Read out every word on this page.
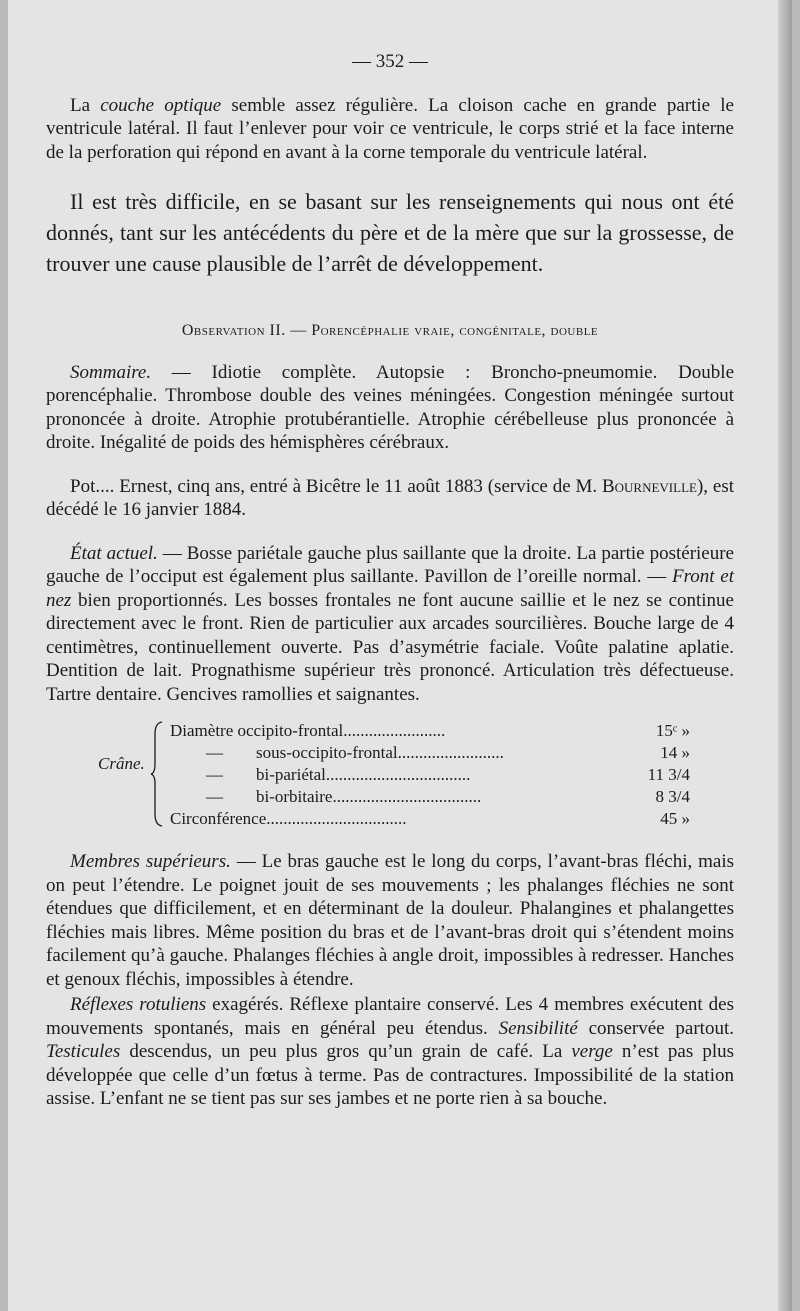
— 352 —

La couche optique semble assez régulière. La cloison cache en grande partie le ventricule latéral. Il faut l’enlever pour voir ce ventricule, le corps strié et la face interne de la perforation qui répond en avant à la corne temporale du ventricule latéral.

Il est très difficile, en se basant sur les renseignements qui nous ont été donnés, tant sur les antécédents du père et de la mère que sur la grossesse, de trouver une cause plausible de l’arrêt de développement.

Observation II. — Porencéphalie vraie, congénitale, double

Sommaire. — Idiotie complète. Autopsie : Broncho-pneumomie. Double porencéphalie. Thrombose double des veines méningées. Congestion méningée surtout prononcée à droite. Atrophie protubérantielle. Atrophie cérébelleuse plus prononcée à droite. Inégalité de poids des hémisphères cérébraux.

Pot.... Ernest, cinq ans, entré à Bicêtre le 11 août 1883 (service de M. Bourneville), est décédé le 16 janvier 1884.

État actuel. — Bosse pariétale gauche plus saillante que la droite. La partie postérieure gauche de l’occiput est également plus saillante. Pavillon de l’oreille normal. — Front et nez bien proportionnés. Les bosses frontales ne font aucune saillie et le nez se continue directement avec le front. Rien de particulier aux arcades sourcilières. Bouche large de 4 centimètres, continuellement ouverte. Pas d’asymétrie faciale. Voûte palatine aplatie. Dentition de lait. Prognathisme supérieur très prononcé. Articulation très défectueuse. Tartre dentaire. Gencives ramollies et saignantes.

Crâne.
Diamètre occipito-frontal........................	15ᶜ »
— sous-occipito-frontal.........................	14 »
— bi-pariétal..................................	11 3/4
— bi-orbitaire...................................	8 3/4
Circonférence.................................	45 »

Membres supérieurs. — Le bras gauche est le long du corps, l’avant-bras fléchi, mais on peut l’étendre. Le poignet jouit de ses mouvements ; les phalanges fléchies ne sont étendues que difficilement, et en déterminant de la douleur. Phalangines et phalangettes fléchies mais libres. Même position du bras et de l’avant-bras droit qui s’étendent moins facilement qu’à gauche. Phalanges fléchies à angle droit, impossibles à redresser. Hanches et genoux fléchis, impossibles à étendre.

Réflexes rotuliens exagérés. Réflexe plantaire conservé. Les 4 membres exécutent des mouvements spontanés, mais en général peu étendus. Sensibilité conservée partout. Testicules descendus, un peu plus gros qu’un grain de café. La verge n’est pas plus développée que celle d’un fœtus à terme. Pas de contractures. Impossibilité de la station assise. L’enfant ne se tient pas sur ses jambes et ne porte rien à sa bouche.
